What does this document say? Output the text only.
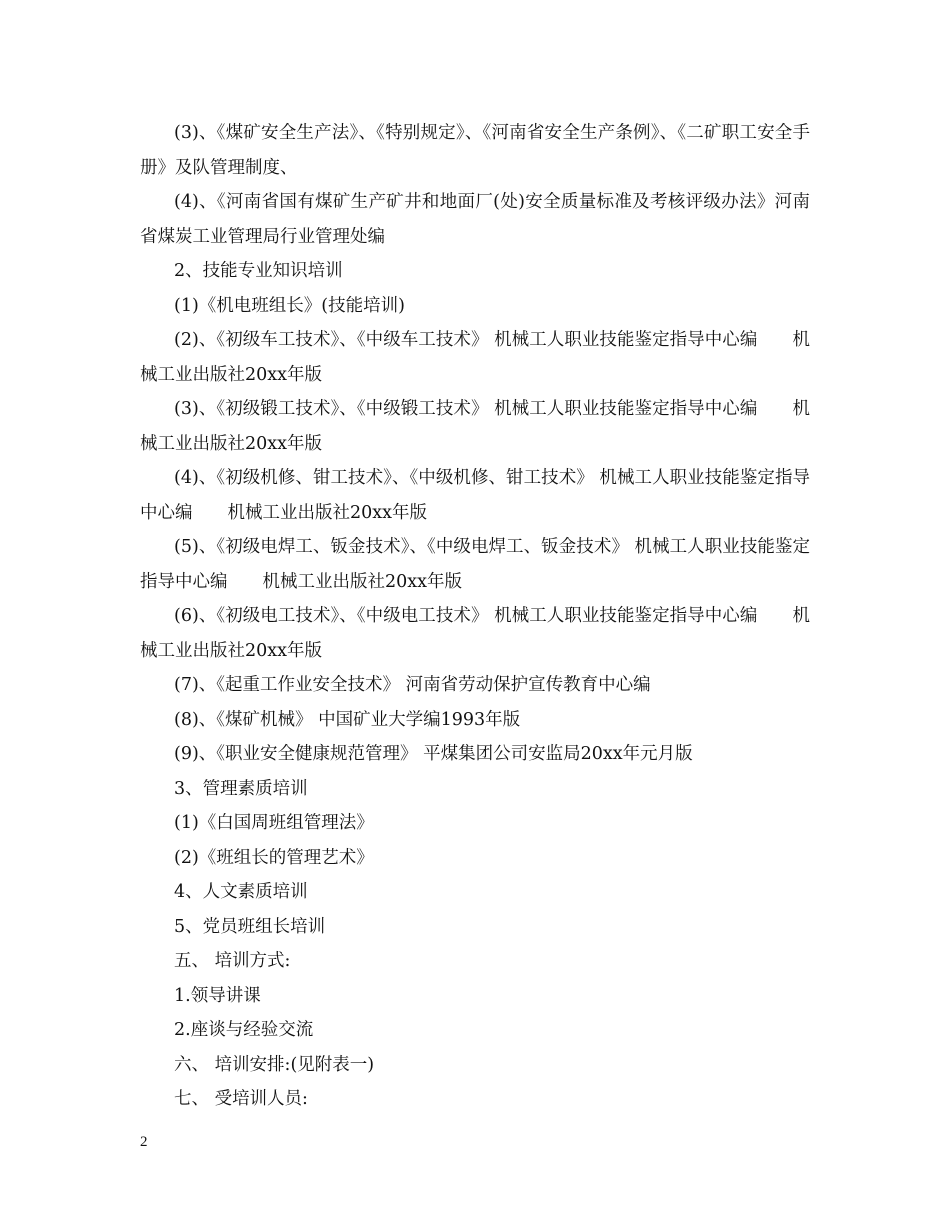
(3)、《煤矿安全生产法》、《特别规定》、《河南省安全生产条例》、《二矿职工安全手册》及队管理制度、

(4)、《河南省国有煤矿生产矿井和地面厂(处)安全质量标准及考核评级办法》河南省煤炭工业管理局行业管理处编

2、技能专业知识培训

(1)《机电班组长》(技能培训)

(2)、《初级车工技术》、《中级车工技术》 机械工人职业技能鉴定指导中心编　　机械工业出版社20xx年版

(3)、《初级锻工技术》、《中级锻工技术》 机械工人职业技能鉴定指导中心编　　机械工业出版社20xx年版

(4)、《初级机修、钳工技术》、《中级机修、钳工技术》 机械工人职业技能鉴定指导中心编　　机械工业出版社20xx年版

(5)、《初级电焊工、钣金技术》、《中级电焊工、钣金技术》 机械工人职业技能鉴定指导中心编　　机械工业出版社20xx年版

(6)、《初级电工技术》、《中级电工技术》 机械工人职业技能鉴定指导中心编　　机械工业出版社20xx年版

(7)、《起重工作业安全技术》 河南省劳动保护宣传教育中心编

(8)、《煤矿机械》 中国矿业大学编1993年版

(9)、《职业安全健康规范管理》 平煤集团公司安监局20xx年元月版

3、管理素质培训

(1)《白国周班组管理法》

(2)《班组长的管理艺术》

4、人文素质培训

5、党员班组长培训

五、 培训方式:

1.领导讲课

2.座谈与经验交流

六、 培训安排:(见附表一)

七、 受培训人员:

2
